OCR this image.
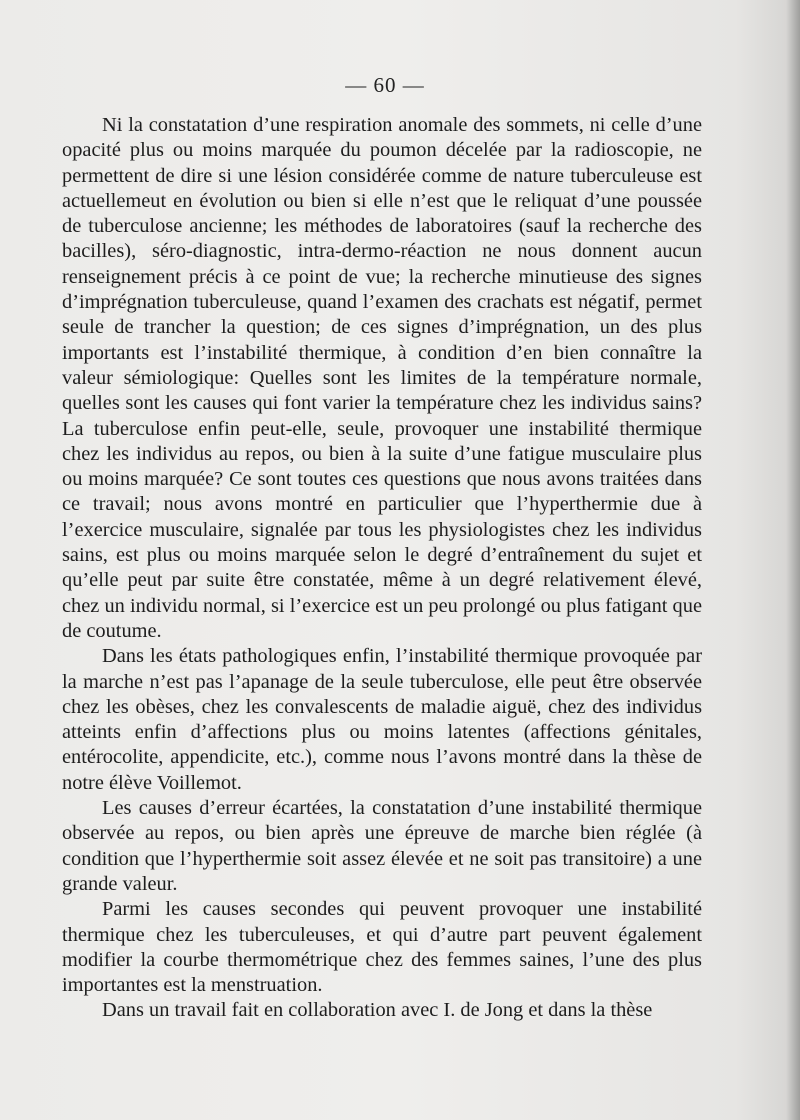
— 60 —

Ni la constatation d’une respiration anomale des sommets, ni celle d’une opacité plus ou moins marquée du poumon décelée par la radioscopie, ne permettent de dire si une lésion considérée comme de nature tuberculeuse est actuellemeut en évolution ou bien si elle n’est que le reliquat d’une poussée de tuberculose ancienne; les méthodes de laboratoires (sauf la recherche des bacilles), séro-diagnostic, intra-dermo-réaction ne nous donnent aucun renseignement précis à ce point de vue; la recherche minutieuse des signes d’imprégnation tuberculeuse, quand l’examen des crachats est négatif, permet seule de trancher la question; de ces signes d’imprégnation, un des plus importants est l’instabilité thermique, à condition d’en bien connaître la valeur sémiologique: Quelles sont les limites de la température normale, quelles sont les causes qui font varier la température chez les individus sains? La tuberculose enfin peut-elle, seule, provoquer une instabilité thermique chez les individus au repos, ou bien à la suite d’une fatigue musculaire plus ou moins marquée? Ce sont toutes ces questions que nous avons traitées dans ce travail; nous avons montré en particulier que l’hyperthermie due à l’exercice musculaire, signalée par tous les physiologistes chez les individus sains, est plus ou moins marquée selon le degré d’entraînement du sujet et qu’elle peut par suite être constatée, même à un degré relativement élevé, chez un individu normal, si l’exercice est un peu prolongé ou plus fatigant que de coutume.

Dans les états pathologiques enfin, l’instabilité thermique provoquée par la marche n’est pas l’apanage de la seule tuberculose, elle peut être observée chez les obèses, chez les convalescents de maladie aiguë, chez des individus atteints enfin d’affections plus ou moins latentes (affections génitales, entérocolite, appendicite, etc.), comme nous l’avons montré dans la thèse de notre élève Voillemot.

Les causes d’erreur écartées, la constatation d’une instabilité thermique observée au repos, ou bien après une épreuve de marche bien réglée (à condition que l’hyperthermie soit assez élevée et ne soit pas transitoire) a une grande valeur.

Parmi les causes secondes qui peuvent provoquer une instabilité thermique chez les tuberculeuses, et qui d’autre part peuvent également modifier la courbe thermométrique chez des femmes saines, l’une des plus importantes est la menstruation.

Dans un travail fait en collaboration avec I. de Jong et dans la thèse
